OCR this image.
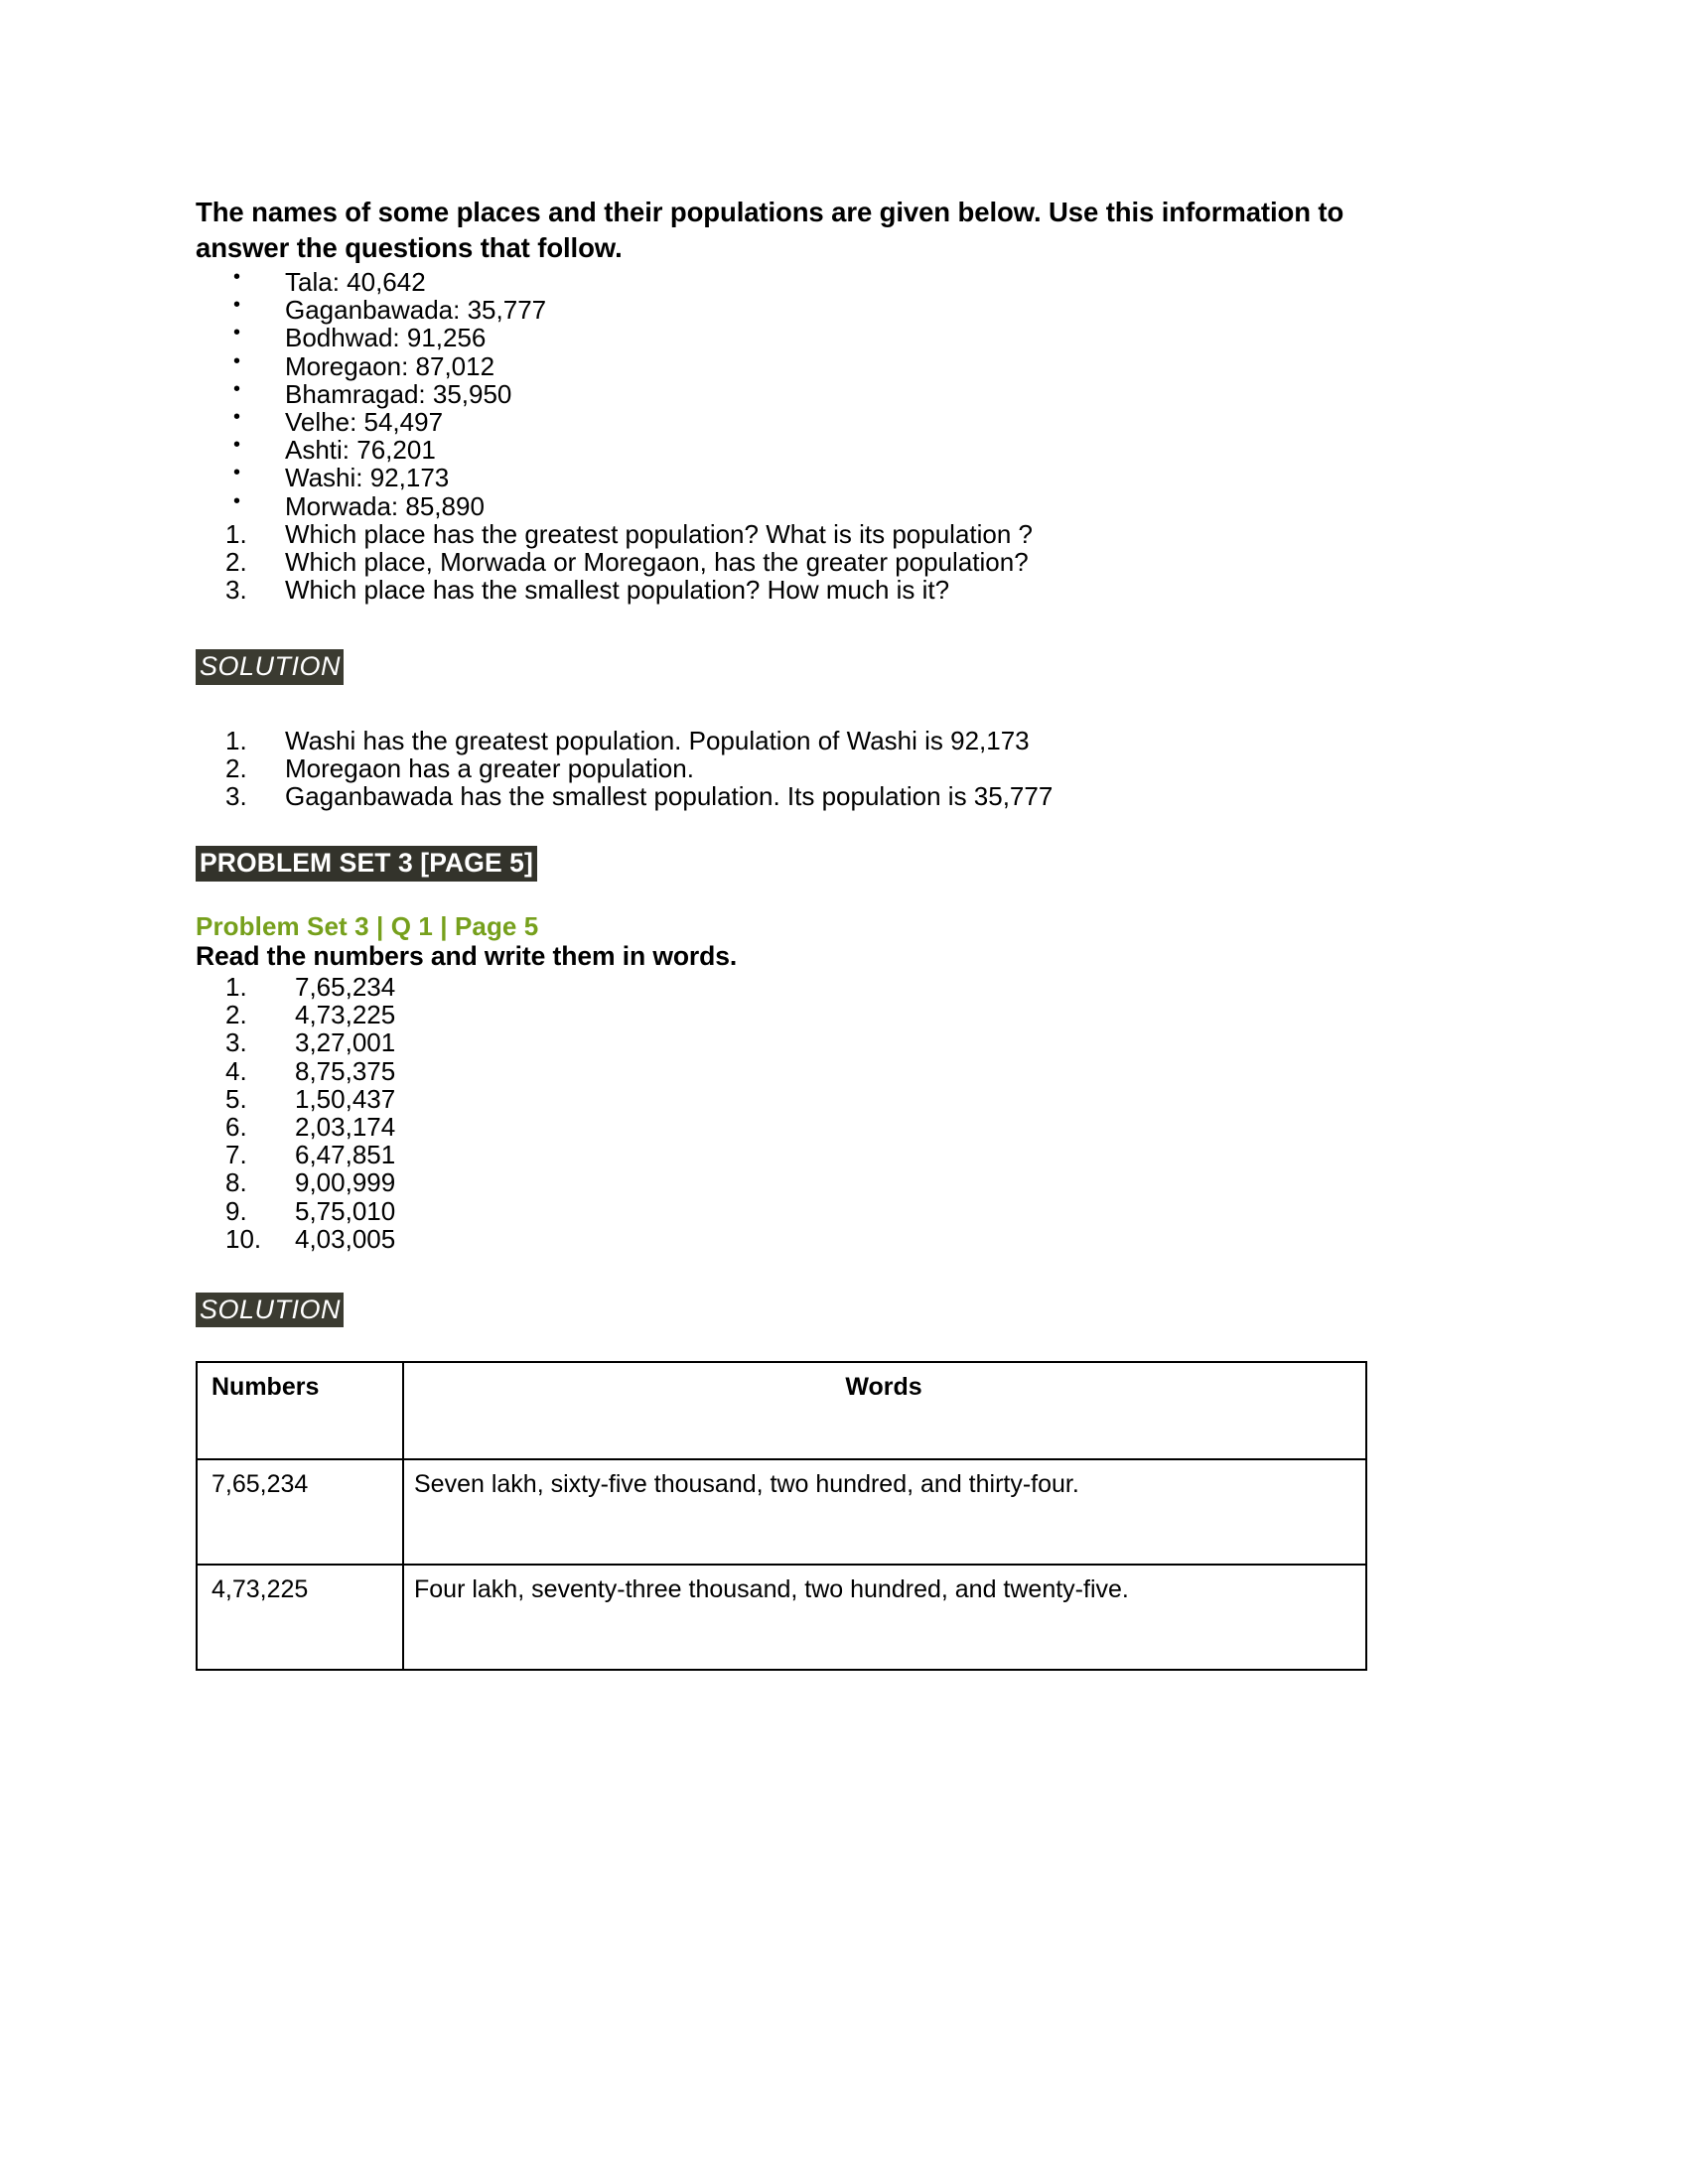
The names of some places and their populations are given below. Use this information to answer the questions that follow.

• Tala: 40,642
• Gaganbawada: 35,777
• Bodhwad: 91,256
• Moregaon: 87,012
• Bhamragad: 35,950
• Velhe: 54,497
• Ashti: 76,201
• Washi: 92,173
• Morwada: 85,890
Which place has the greatest population? What is its population ?
Which place, Morwada or Moregaon, has the greater population?
Which place has the smallest population? How much is it?
SOLUTION
Washi has the greatest population. Population of Washi is 92,173
Moregaon has a greater population.
Gaganbawada has the smallest population. Its population is 35,777
PROBLEM SET 3 [PAGE 5]

Problem Set 3 | Q 1 | Page 5

Read the numbers and write them in words.

7,65,234
4,73,225
3,27,001
8,75,375
1,50,437
2,03,174
6,47,851
9,00,999
5,75,010
4,03,005
SOLUTION
Numbers	Words
7,65,234	Seven lakh, sixty-five thousand, two hundred, and thirty-four.
4,73,225	Four lakh, seventy-three thousand, two hundred, and twenty-five.
